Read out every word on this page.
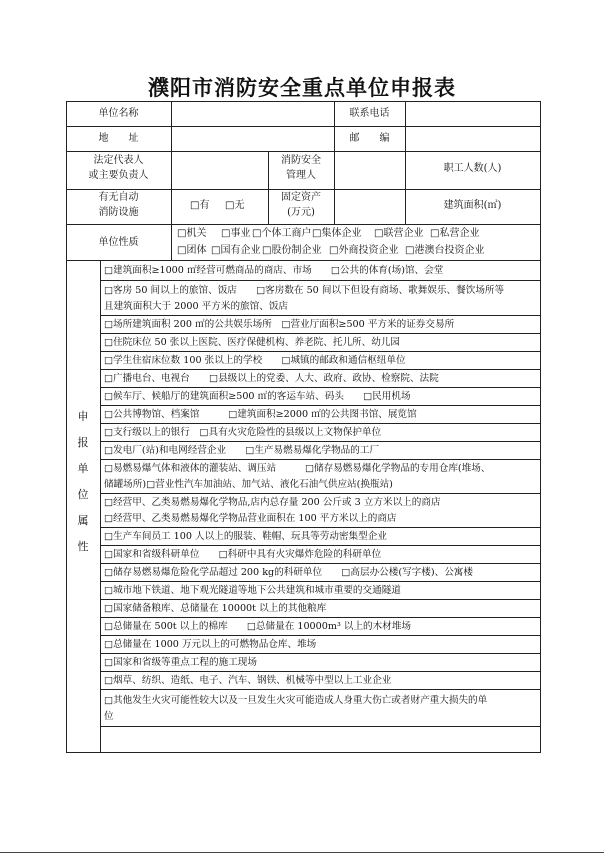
濮阳市消防安全重点单位申报表
单位名称	联系电话
地　　址	邮　　编
法定代表人
或主要负责人
消防安全
管理人
职工人数(人)
有无自动
消防设施
□有 □无
固定资产
(万元)
建筑面积(㎡)
单位性质
□机关 □事业 □个体工商户 □集体企业 □联营企业 □私营企业
□团体 □国有企业 □股份制企业 □外商投资企业 □港澳台投资企业
申
报
单
位
属
性
□建筑面积≥1000 ㎡经营可燃商品的商店、市场　　□公共的体育(场)馆、会堂
□客房 50 间以上的旅馆、饭店　　□客房数在 50 间以下但设有商场、歌舞娱乐、餐饮场所等
且建筑面积大于 2000 平方米的旅馆、饭店
□场所建筑面积 200 ㎡的公共娱乐场所　□营业厅面积≥500 平方米的证券交易所
□住院床位 50 张以上医院、医疗保健机构、养老院、托儿所、幼儿园
□学生住宿床位数 100 张以上的学校　　□城镇的邮政和通信枢纽单位
□广播电台、电视台　　□县级以上的党委、人大、政府、政协、检察院、法院
□候车厅、候船厅的建筑面积≥500 ㎡的客运车站、码头　　□民用机场
□公共博物馆、档案馆　　　□建筑面积≥2000 ㎡的公共图书馆、展览馆
□支行级以上的银行　□具有火灾危险性的县级以上文物保护单位
□发电厂(站)和电网经营企业　　□生产易燃易爆化学物品的工厂
□易燃易爆气体和液体的灌装站、调压站　　　□储存易燃易爆化学物品的专用仓库(堆场、
储罐场所)□营业性汽车加油站、加气站、液化石油气供应站(换瓶站)
□经营甲、乙类易燃易爆化学物品,店内总存量 200 公斤或 3 立方米以上的商店
□经营甲、乙类易燃易爆化学物品营业面积在 100 平方米以上的商店
□生产车间员工 100 人以上的服装、鞋帽、玩具等劳动密集型企业
□国家和省级科研单位　　□科研中具有火灾爆炸危险的科研单位
□储存易燃易爆危险化学品超过 200 kg的科研单位　　□高层办公楼(写字楼)、公寓楼
□城市地下铁道、地下观光隧道等地下公共建筑和城市重要的交通隧道
□国家储备粮库、总储量在 10000t 以上的其他粮库
□总储量在 500t 以上的棉库　　□总储量在 10000m³ 以上的木材堆场
□总储量在 1000 万元以上的可燃物品仓库、堆场
□国家和省级等重点工程的施工现场
□烟草、纺织、造纸、电子、汽车、钢铁、机械等中型以上工业企业
□其他发生火灾可能性较大以及一旦发生火灾可能造成人身重大伤亡或者财产重大损失的单
位
